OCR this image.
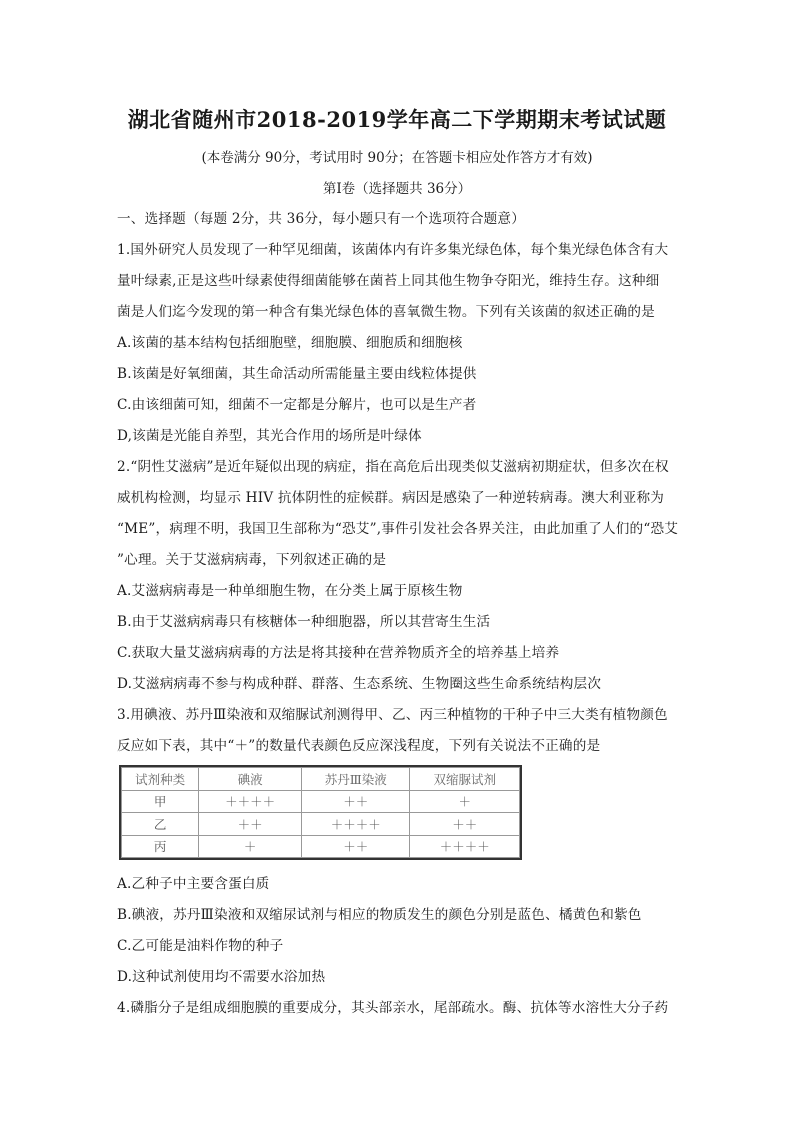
湖北省随州市2018-2019学年高二下学期期末考试试题
(本卷满分 90分，考试用时 90分；在答题卡相应处作答方才有效)
第Ⅰ卷（选择题共 36分）
一、选择题（每题 2分，共 36分，每小题只有一个选项符合题意）
1.国外研究人员发现了一种罕见细菌，该菌体内有许多集光绿色体，每个集光绿色体含有大
量叶绿素,正是这些叶绿素使得细菌能够在菌苔上同其他生物争夺阳光，维持生存。这种细
菌是人们迄今发现的第一种含有集光绿色体的喜氧微生物。下列有关该菌的叙述正确的是
A.该菌的基本结构包括细胞壁，细胞膜、细胞质和细胞核
B.该菌是好氧细菌，其生命活动所需能量主要由线粒体提供
C.由该细菌可知，细菌不一定都是分解片，也可以是生产者
D,该菌是光能自养型，其光合作用的场所是叶绿体
2.“阴性艾滋病”是近年疑似出现的病症，指在高危后出现类似艾滋病初期症状，但多次在权
威机构检测，均显示 HIV 抗体阴性的症候群。病因是感染了一种逆转病毒。澳大利亚称为
“ME”，病理不明，我国卫生部称为“恐艾”,事件引发社会各界关注，由此加重了人们的“恐艾
”心理。关于艾滋病病毒，下列叙述正确的是
A.艾滋病病毒是一种单细胞生物，在分类上属于原核生物
B.由于艾滋病病毒只有核糖体一种细胞器，所以其营寄生生活
C.获取大量艾滋病病毒的方法是将其接种在营养物质齐全的培养基上培养
D.艾滋病病毒不参与构成种群、群落、生态系统、生物圈这些生命系统结构层次
3.用碘液、苏丹Ⅲ染液和双缩脲试剂测得甲、乙、丙三种植物的干种子中三大类有植物颜色
反应如下表，其中“＋”的数量代表颜色反应深浅程度，下列有关说法不正确的是
试剂种类	碘液	苏丹Ⅲ染液	双缩脲试剂
甲	＋＋＋＋	＋＋	＋
乙	＋＋	＋＋＋＋	＋＋
丙	＋	＋＋	＋＋＋＋
A.乙种子中主要含蛋白质
B.碘液，苏丹Ⅲ染液和双缩尿试剂与相应的物质发生的颜色分别是蓝色、橘黄色和紫色
C.乙可能是油料作物的种子
D.这种试剂使用均不需要水浴加热
4.磷脂分子是组成细胞膜的重要成分，其头部亲水，尾部疏水。酶、抗体等水溶性大分子药
